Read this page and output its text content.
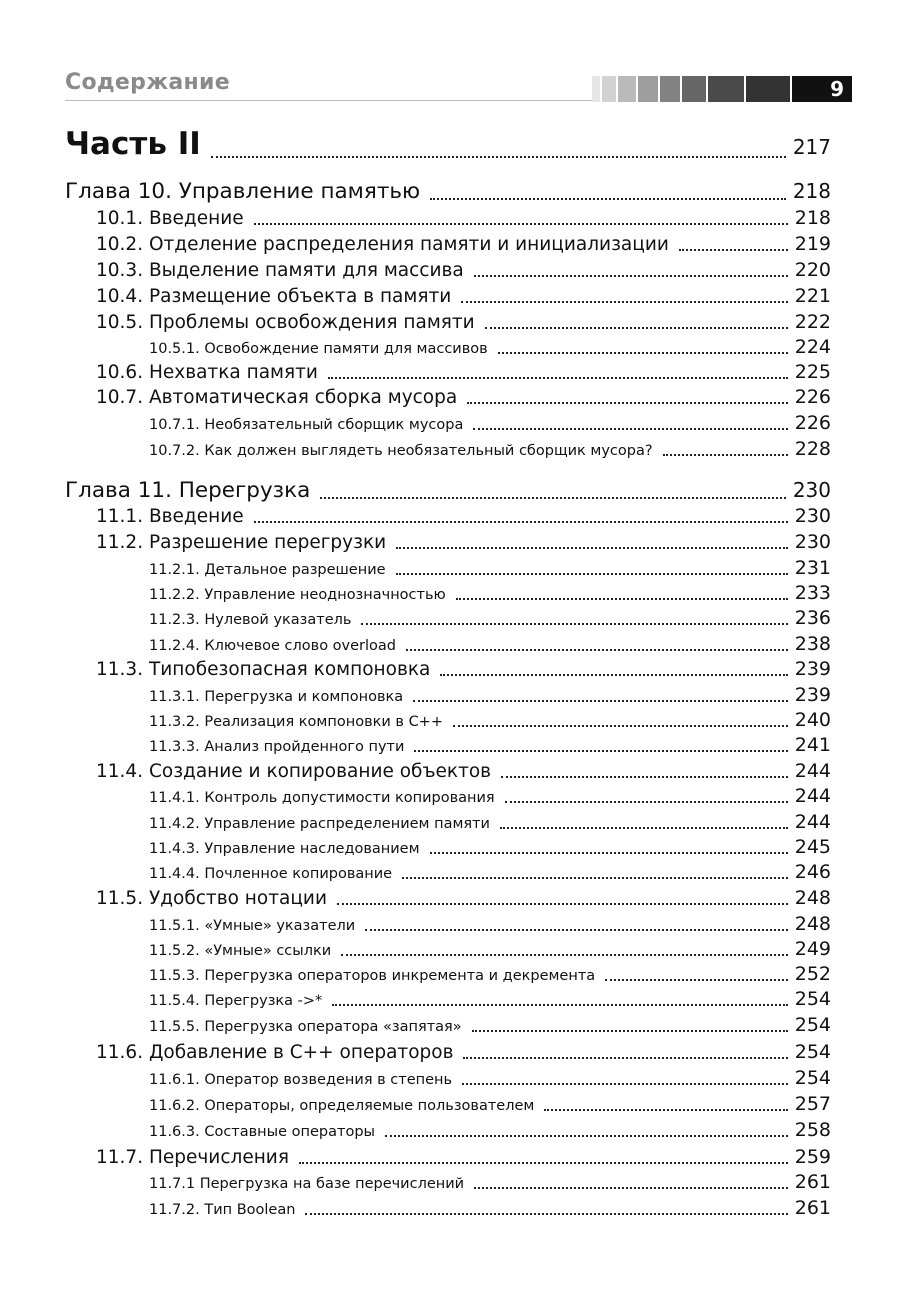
Содержание	9
Часть II	217
Глава 10. Управление памятью	218
10.1. Введение	218
10.2. Отделение распределения памяти и инициализации	219
10.3. Выделение памяти для массива	220
10.4. Размещение объекта в памяти	221
10.5. Проблемы освобождения памяти	222
10.5.1. Освобождение памяти для массивов	224
10.6. Нехватка памяти	225
10.7. Автоматическая сборка мусора	226
10.7.1. Необязательный сборщик мусора	226
10.7.2. Как должен выглядеть необязательный сборщик мусора?	228
Глава 11. Перегрузка	230
11.1. Введение	230
11.2. Разрешение перегрузки	230
11.2.1. Детальное разрешение	231
11.2.2. Управление неоднозначностью	233
11.2.3. Нулевой указатель	236
11.2.4. Ключевое слово overload	238
11.3. Типобезопасная компоновка	239
11.3.1. Перегрузка и компоновка	239
11.3.2. Реализация компоновки в C++	240
11.3.3. Анализ пройденного пути	241
11.4. Создание и копирование объектов	244
11.4.1. Контроль допустимости копирования	244
11.4.2. Управление распределением памяти	244
11.4.3. Управление наследованием	245
11.4.4. Почленное копирование	246
11.5. Удобство нотации	248
11.5.1. «Умные» указатели	248
11.5.2. «Умные» ссылки	249
11.5.3. Перегрузка операторов инкремента и декремента	252
11.5.4. Перегрузка ->*	254
11.5.5. Перегрузка оператора «запятая»	254
11.6. Добавление в C++ операторов	254
11.6.1. Оператор возведения в степень	254
11.6.2. Операторы, определяемые пользователем	257
11.6.3. Составные операторы	258
11.7. Перечисления	259
11.7.1 Перегрузка на базе перечислений	261
11.7.2. Тип Boolean	261
